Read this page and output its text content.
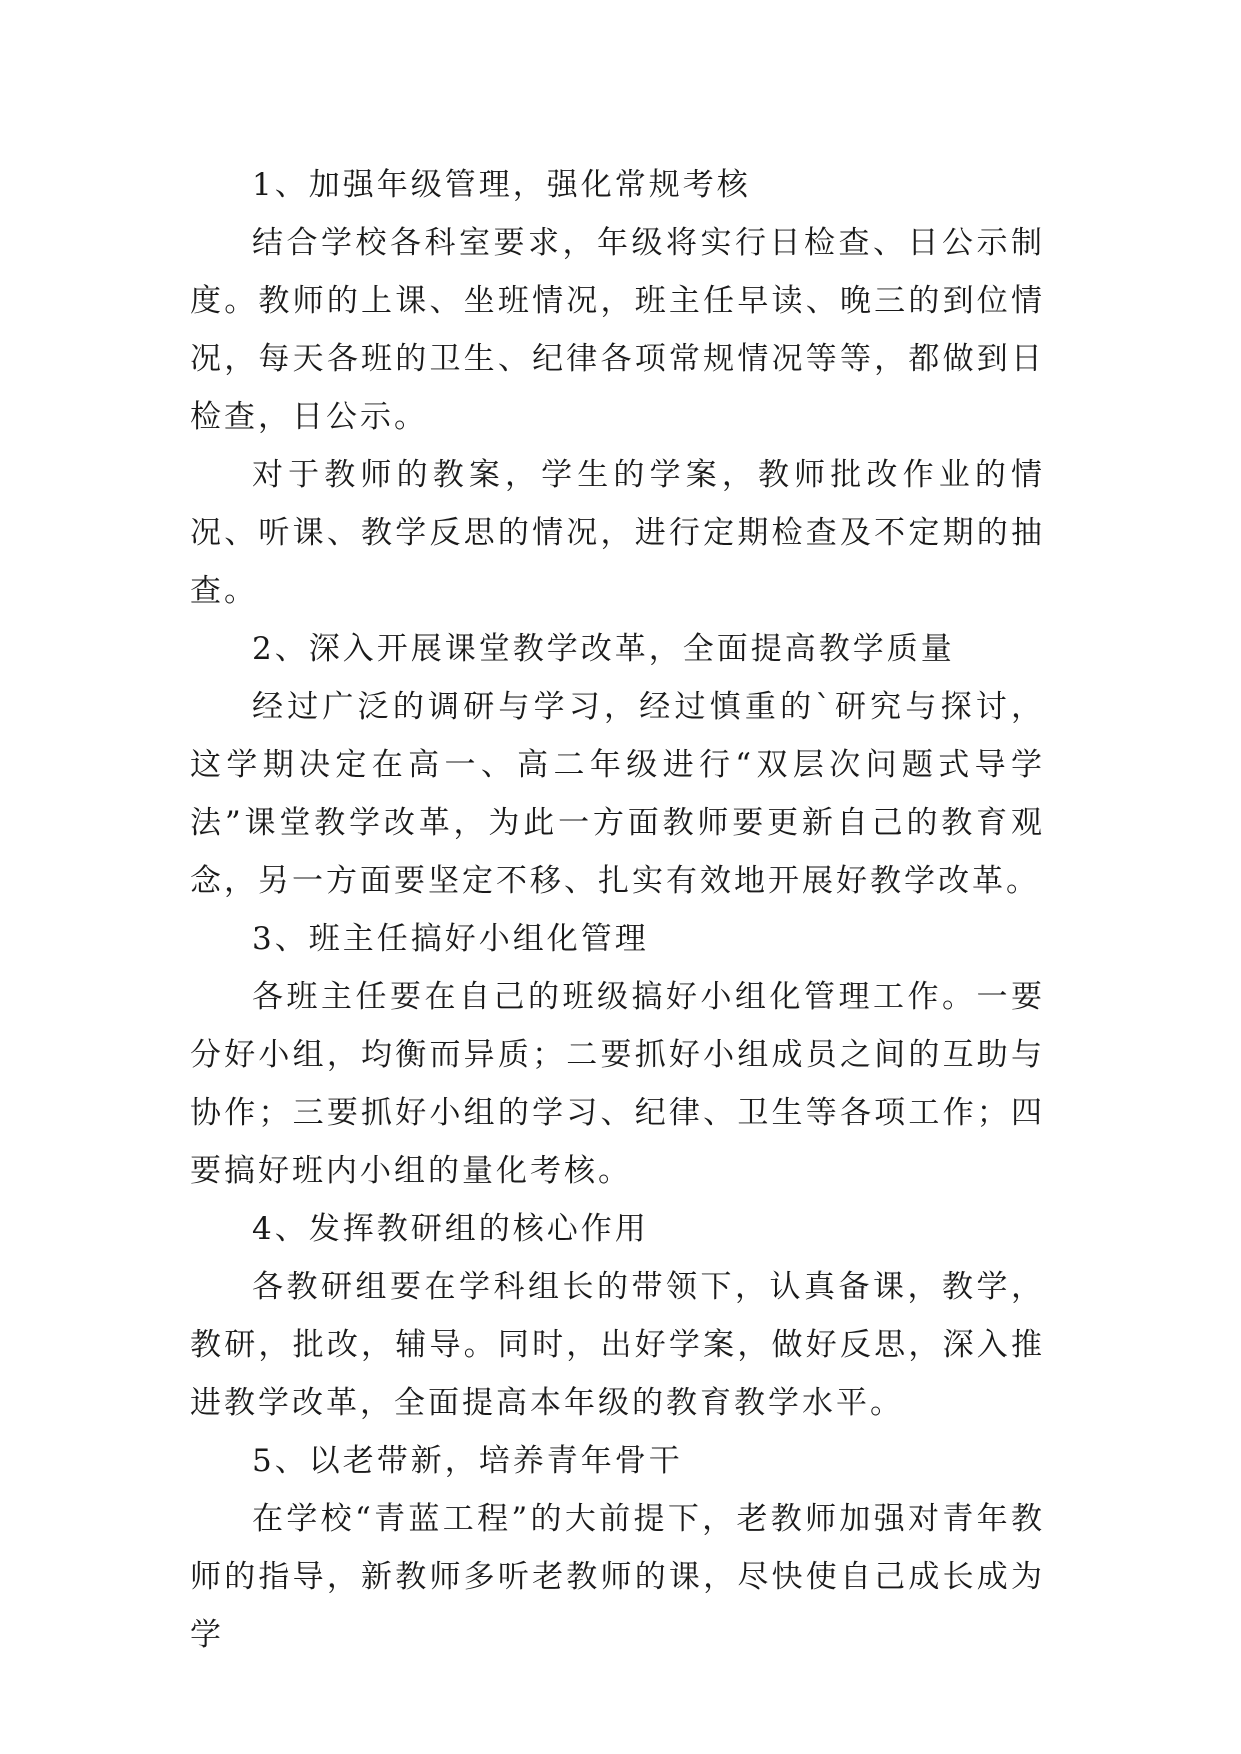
1、加强年级管理，强化常规考核

结合学校各科室要求，年级将实行日检查、日公示制度。教师的上课、坐班情况，班主任早读、晚三的到位情况，每天各班的卫生、纪律各项常规情况等等，都做到日检查，日公示。

对于教师的教案，学生的学案，教师批改作业的情况、听课、教学反思的情况，进行定期检查及不定期的抽查。

2、深入开展课堂教学改革，全面提高教学质量

经过广泛的调研与学习，经过慎重的`研究与探讨，这学期决定在高一、高二年级进行“双层次问题式导学法”课堂教学改革，为此一方面教师要更新自己的教育观念，另一方面要坚定不移、扎实有效地开展好教学改革。

3、班主任搞好小组化管理

各班主任要在自己的班级搞好小组化管理工作。一要分好小组，均衡而异质；二要抓好小组成员之间的互助与协作；三要抓好小组的学习、纪律、卫生等各项工作；四要搞好班内小组的量化考核。

4、发挥教研组的核心作用

各教研组要在学科组长的带领下，认真备课，教学，教研，批改，辅导。同时，出好学案，做好反思，深入推进教学改革，全面提高本年级的教育教学水平。

5、以老带新，培养青年骨干

在学校“青蓝工程”的大前提下，老教师加强对青年教师的指导，新教师多听老教师的课，尽快使自己成长成为学
